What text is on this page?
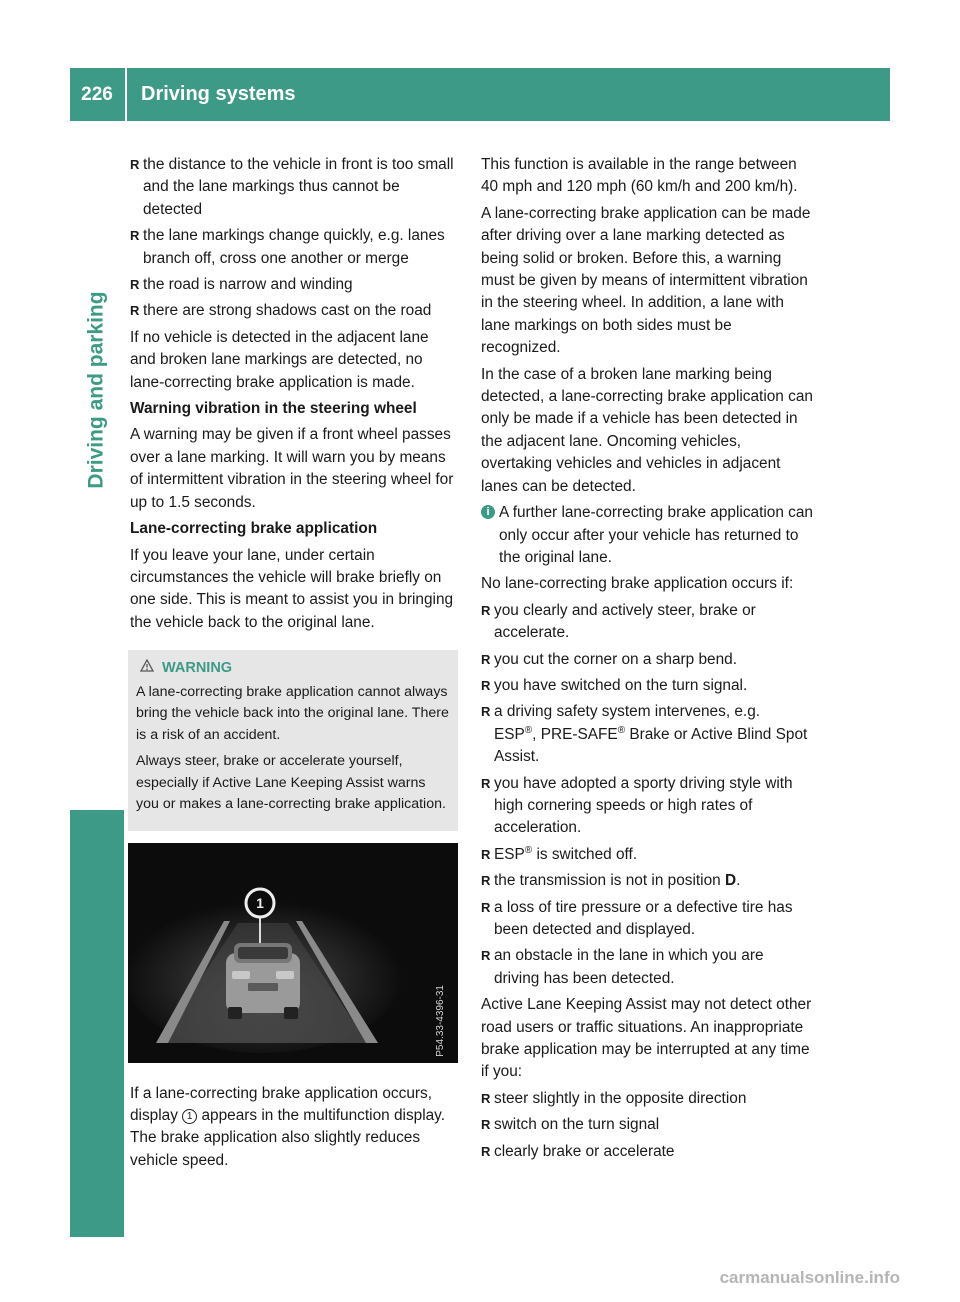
226	Driving systems
Driving and parking
R the distance to the vehicle in front is too small and the lane markings thus cannot be detected
R the lane markings change quickly, e.g. lanes branch off, cross one another or merge
R the road is narrow and winding
R there are strong shadows cast on the road

If no vehicle is detected in the adjacent lane and broken lane markings are detected, no lane-correcting brake application is made.

Warning vibration in the steering wheel

A warning may be given if a front wheel passes over a lane marking. It will warn you by means of intermittent vibration in the steering wheel for up to 1.5 seconds.

Lane-correcting brake application

If you leave your lane, under certain circumstances the vehicle will brake briefly on one side. This is meant to assist you in bringing the vehicle back to the original lane.

WARNING

A lane-correcting brake application cannot always bring the vehicle back into the original lane. There is a risk of an accident.

Always steer, brake or accelerate yourself, especially if Active Lane Keeping Assist warns you or makes a lane-correcting brake application.

1
P54.33-4396-31

If a lane-correcting brake application occurs, display 1 appears in the multifunction display. The brake application also slightly reduces vehicle speed.

This function is available in the range between 40 mph and 120 mph (60 km/h and 200 km/h).

A lane-correcting brake application can be made after driving over a lane marking detected as being solid or broken. Before this, a warning must be given by means of intermittent vibration in the steering wheel. In addition, a lane with lane markings on both sides must be recognized.

In the case of a broken lane marking being detected, a lane-correcting brake application can only be made if a vehicle has been detected in the adjacent lane. Oncoming vehicles, overtaking vehicles and vehicles in adjacent lanes can be detected.

i A further lane-correcting brake application can only occur after your vehicle has returned to the original lane.

No lane-correcting brake application occurs if:

R you clearly and actively steer, brake or accelerate.
R you cut the corner on a sharp bend.
R you have switched on the turn signal.
R a driving safety system intervenes, e.g.
ESP®, PRE-SAFE® Brake or Active Blind Spot Assist.
R you have adopted a sporty driving style with high cornering speeds or high rates of acceleration.
R ESP® is switched off.
R the transmission is not in position D.
R a loss of tire pressure or a defective tire has been detected and displayed.
R an obstacle in the lane in which you are driving has been detected.

Active Lane Keeping Assist may not detect other road users or traffic situations. An inappropriate brake application may be interrupted at any time if you:

R steer slightly in the opposite direction
R switch on the turn signal
R clearly brake or accelerate
carmanualsonline.info
